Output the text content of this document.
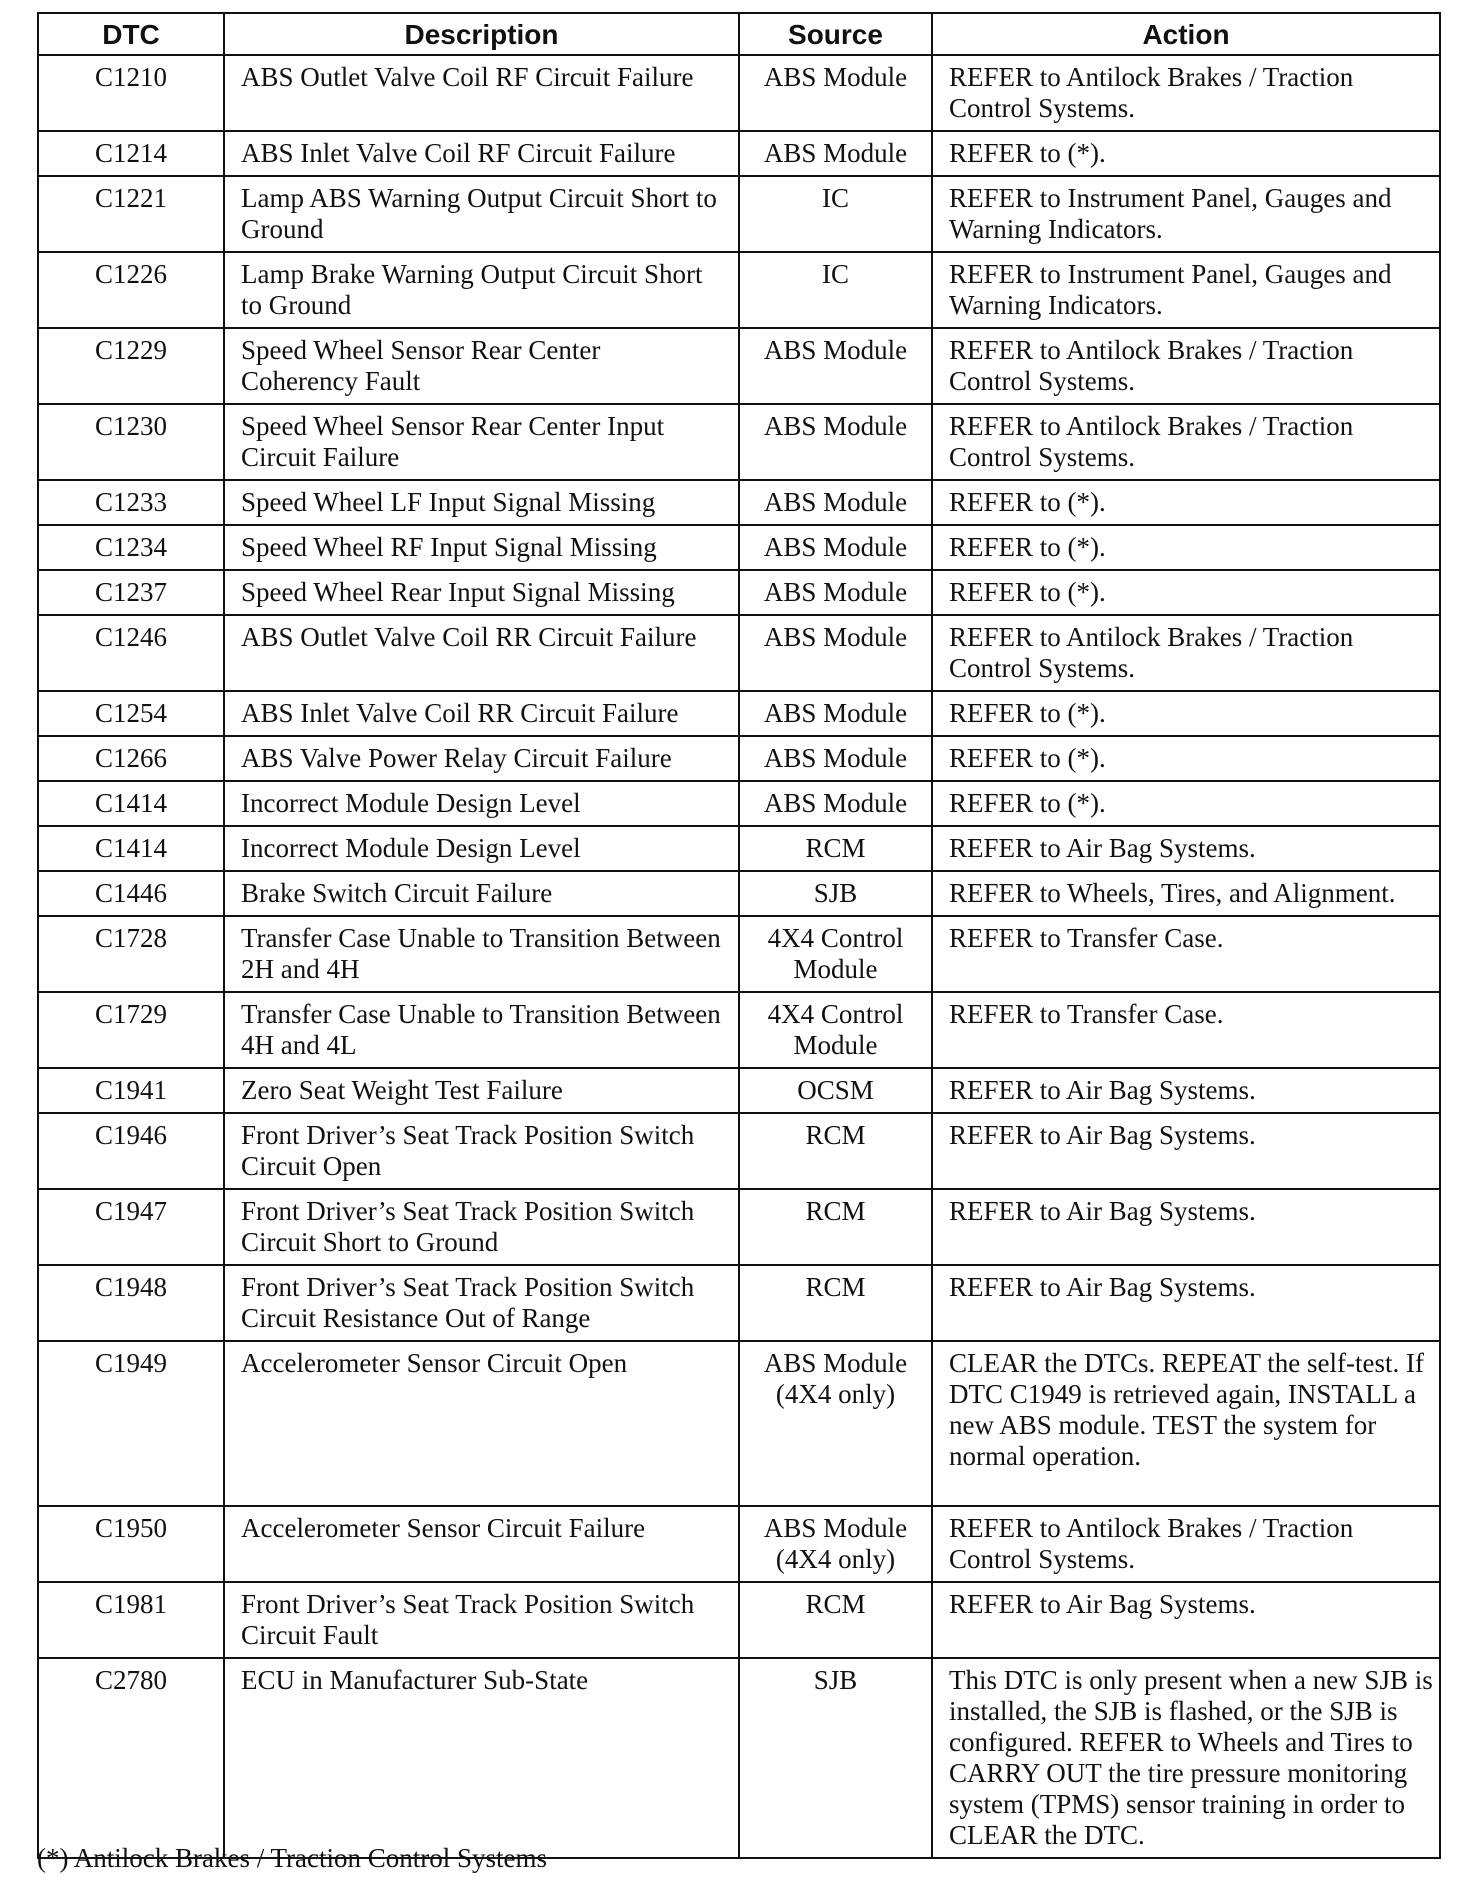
DTC	Description	Source	Action
C1210	ABS Outlet Valve Coil RF Circuit Failure	ABS Module	REFER to Antilock Brakes / Traction Control Systems.
C1214	ABS Inlet Valve Coil RF Circuit Failure	ABS Module	REFER to (*).
C1221	Lamp ABS Warning Output Circuit Short to Ground	IC	REFER to Instrument Panel, Gauges and Warning Indicators.
C1226	Lamp Brake Warning Output Circuit Short to Ground	IC	REFER to Instrument Panel, Gauges and Warning Indicators.
C1229	Speed Wheel Sensor Rear Center Coherency Fault	ABS Module	REFER to Antilock Brakes / Traction Control Systems.
C1230	Speed Wheel Sensor Rear Center Input Circuit Failure	ABS Module	REFER to Antilock Brakes / Traction Control Systems.
C1233	Speed Wheel LF Input Signal Missing	ABS Module	REFER to (*).
C1234	Speed Wheel RF Input Signal Missing	ABS Module	REFER to (*).
C1237	Speed Wheel Rear Input Signal Missing	ABS Module	REFER to (*).
C1246	ABS Outlet Valve Coil RR Circuit Failure	ABS Module	REFER to Antilock Brakes / Traction Control Systems.
C1254	ABS Inlet Valve Coil RR Circuit Failure	ABS Module	REFER to (*).
C1266	ABS Valve Power Relay Circuit Failure	ABS Module	REFER to (*).
C1414	Incorrect Module Design Level	ABS Module	REFER to (*).
C1414	Incorrect Module Design Level	RCM	REFER to Air Bag Systems.
C1446	Brake Switch Circuit Failure	SJB	REFER to Wheels, Tires, and Alignment.
C1728	Transfer Case Unable to Transition Between 2H and 4H	4X4 Control Module	REFER to Transfer Case.
C1729	Transfer Case Unable to Transition Between 4H and 4L	4X4 Control Module	REFER to Transfer Case.
C1941	Zero Seat Weight Test Failure	OCSM	REFER to Air Bag Systems.
C1946	Front Driver’s Seat Track Position Switch Circuit Open	RCM	REFER to Air Bag Systems.
C1947	Front Driver’s Seat Track Position Switch Circuit Short to Ground	RCM	REFER to Air Bag Systems.
C1948	Front Driver’s Seat Track Position Switch Circuit Resistance Out of Range	RCM	REFER to Air Bag Systems.
C1949	Accelerometer Sensor Circuit Open	ABS Module (4X4 only)	CLEAR the DTCs. REPEAT the self-test. If DTC C1949 is retrieved again, INSTALL a new ABS module. TEST the system for normal operation.
C1950	Accelerometer Sensor Circuit Failure	ABS Module (4X4 only)	REFER to Antilock Brakes / Traction Control Systems.
C1981	Front Driver’s Seat Track Position Switch Circuit Fault	RCM	REFER to Air Bag Systems.
C2780	ECU in Manufacturer Sub-State	SJB	This DTC is only present when a new SJB is installed, the SJB is flashed, or the SJB is configured. REFER to Wheels and Tires to CARRY OUT the tire pressure monitoring system (TPMS) sensor training in order to CLEAR the DTC.
(*) Antilock Brakes / Traction Control Systems
